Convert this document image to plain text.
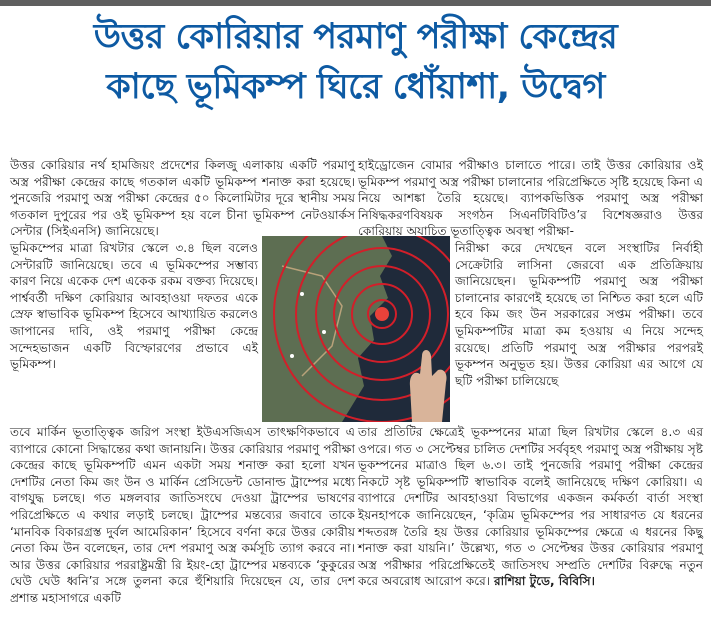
উত্তর কোরিয়ার পরমাণু পরীক্ষা কেন্দ্রের
কাছে ভূমিকম্প ঘিরে ধোঁয়াশা, উদ্বেগ

উত্তর কোরিয়ার নর্থ হামজিয়ং প্রদেশের কিলজু এলাকায় একটি পরমাণু অস্ত্র পরীক্ষা কেন্দ্রের কাছে গতকাল একটি ভূমিকম্প শনাক্ত করা হয়েছে। পুনজেরি পরমাণু অস্ত্র পরীক্ষা কেন্দ্রের ৫০ কিলোমিটার দূরে স্থানীয় সময় গতকাল দুপুরের পর ওই ভূমিকম্প হয় বলে চীনা ভূমিকম্প নেটওয়ার্কস সেন্টার (সিইএনসি) জানিয়েছে।

ভূমিকম্পের মাত্রা রিখটার স্কেলে ৩.৪ ছিল বলেও সেন্টারটি জানিয়েছে। তবে এ ভূমিকম্পের সম্ভাব্য কারণ নিয়ে একেক দেশ একেক রকম বক্তব্য দিয়েছে। পার্শ্ববর্তী দক্ষিণ কোরিয়ার আবহাওয়া দফতর একে স্রেফ স্বাভাবিক ভূমিকম্প হিসেবে আখ্যায়িত করলেও জাপানের দাবি, ওই পরমাণু পরীক্ষা কেন্দ্রে সন্দেহভাজন একটি বিস্ফোরণের প্রভাবে এই ভূমিকম্প।

হাইড্রোজেন বোমার পরীক্ষাও চালাতে পারে। তাই উত্তর কোরিয়ার ওই ভূমিকম্প পরমাণু অস্ত্র পরীক্ষা চালানোর পরিপ্রেক্ষিতে সৃষ্টি হয়েছে কিনা এ নিয়ে আশঙ্কা তৈরি হয়েছে। ব্যাপকভিত্তিক পরমাণু অস্ত্র পরীক্ষা নিষিদ্ধকরণবিষয়ক সংগঠন সিএনটিবিটিও’র বিশেষজ্ঞরাও উত্তর কোরিয়ায় অযাচিত ভূতাত্ত্বিক অবস্থা পরীক্ষা-

নিরীক্ষা করে দেখছেন বলে সংস্থাটির নির্বাহী সেক্রেটারি লাসিনা জেরবো এক প্রতিক্রিয়ায় জানিয়েছেন। ভূমিকম্পটি পরমাণু অস্ত্র পরীক্ষা চালানোর কারণেই হয়েছে তা নিশ্চিত করা হলে এটি হবে কিম জং উন সরকারের সপ্তম পরীক্ষা। তবে ভূমিকম্পটির মাত্রা কম হওয়ায় এ নিয়ে সন্দেহ রয়েছে। প্রতিটি পরমাণু অস্ত্র পরীক্ষার পরপরই ভূকম্পন অনুভূত হয়। উত্তর কোরিয়া এর আগে যে ছটি পরীক্ষা চালিয়েছে

তবে মার্কিন ভূতাত্ত্বিক জরিপ সংস্থা ইউএসজিএস তাৎক্ষণিকভাবে এ ব্যাপারে কোনো সিদ্ধান্তের কথা জানায়নি। উত্তর কোরিয়ার পরমাণু পরীক্ষা কেন্দ্রের কাছে ভূমিকম্পটি এমন একটা সময় শনাক্ত করা হলো যখন দেশটির নেতা কিম জং উন ও মার্কিন প্রেসিডেন্ট ডোনাল্ড ট্রাম্পের মধ্যে বাগযুদ্ধ চলছে। গত মঙ্গলবার জাতিসংঘে দেওয়া ট্রাম্পের ভাষণের পরিপ্রেক্ষিতে এ কথার লড়াই চলছে। ট্রাম্পের মন্তব্যের জবাবে তাকে ‘মানবিক বিকারগ্রস্ত দুর্বল আমেরিকান’ হিসেবে বর্ণনা করে উত্তর কোরীয় নেতা কিম উন বলেছেন, তার দেশ পরমাণু অস্ত্র কর্মসূচি ত্যাগ করবে না। আর উত্তর কোরিয়ার পররাষ্ট্রমন্ত্রী রি ইয়ং-হো ট্রাম্পের মন্তব্যকে ‘কুকুরের ঘেউ ঘেউ ধ্বনি’র সঙ্গে তুলনা করে হুঁশিয়ারি দিয়েছেন যে, তার দেশ প্রশান্ত মহাসাগরে একটি

তার প্রতিটির ক্ষেত্রেই ভূকম্পনের মাত্রা ছিল রিখটার স্কেলে ৪.৩ এর ওপরে। গত ৩ সেপ্টেম্বর চালিত দেশটির সর্ববৃহৎ পরমাণু অস্ত্র পরীক্ষায় সৃষ্ট ভূকম্পনের মাত্রাও ছিল ৬.৩। তাই পুনজেরি পরমাণু পরীক্ষা কেন্দ্রের নিকটে সৃষ্ট ভূমিকম্পটি স্বাভাবিক বলেই জানিয়েছে দক্ষিণ কোরিয়া। এ ব্যাপারে দেশটির আবহাওয়া বিভাগের একজন কর্মকর্তা বার্তা সংস্থা ইয়নহাপকে জানিয়েছেন, ‘কৃত্রিম ভূমিকম্পের পর সাধারণত যে ধরনের শব্দতরঙ্গ তৈরি হয় উত্তর কোরিয়ার ভূমিকম্পের ক্ষেত্রে এ ধরনের কিছু শনাক্ত করা যায়নি।’ উল্লেখ্য, গত ৩ সেপ্টেম্বর উত্তর কোরিয়ার পরমাণু অস্ত্র পরীক্ষার পরিপ্রেক্ষিতেই জাতিসংঘ সম্প্রতি দেশটির বিরুদ্ধে নতুন করে অবরোধ আরোপ করে। রাশিয়া টুডে, বিবিসি।
